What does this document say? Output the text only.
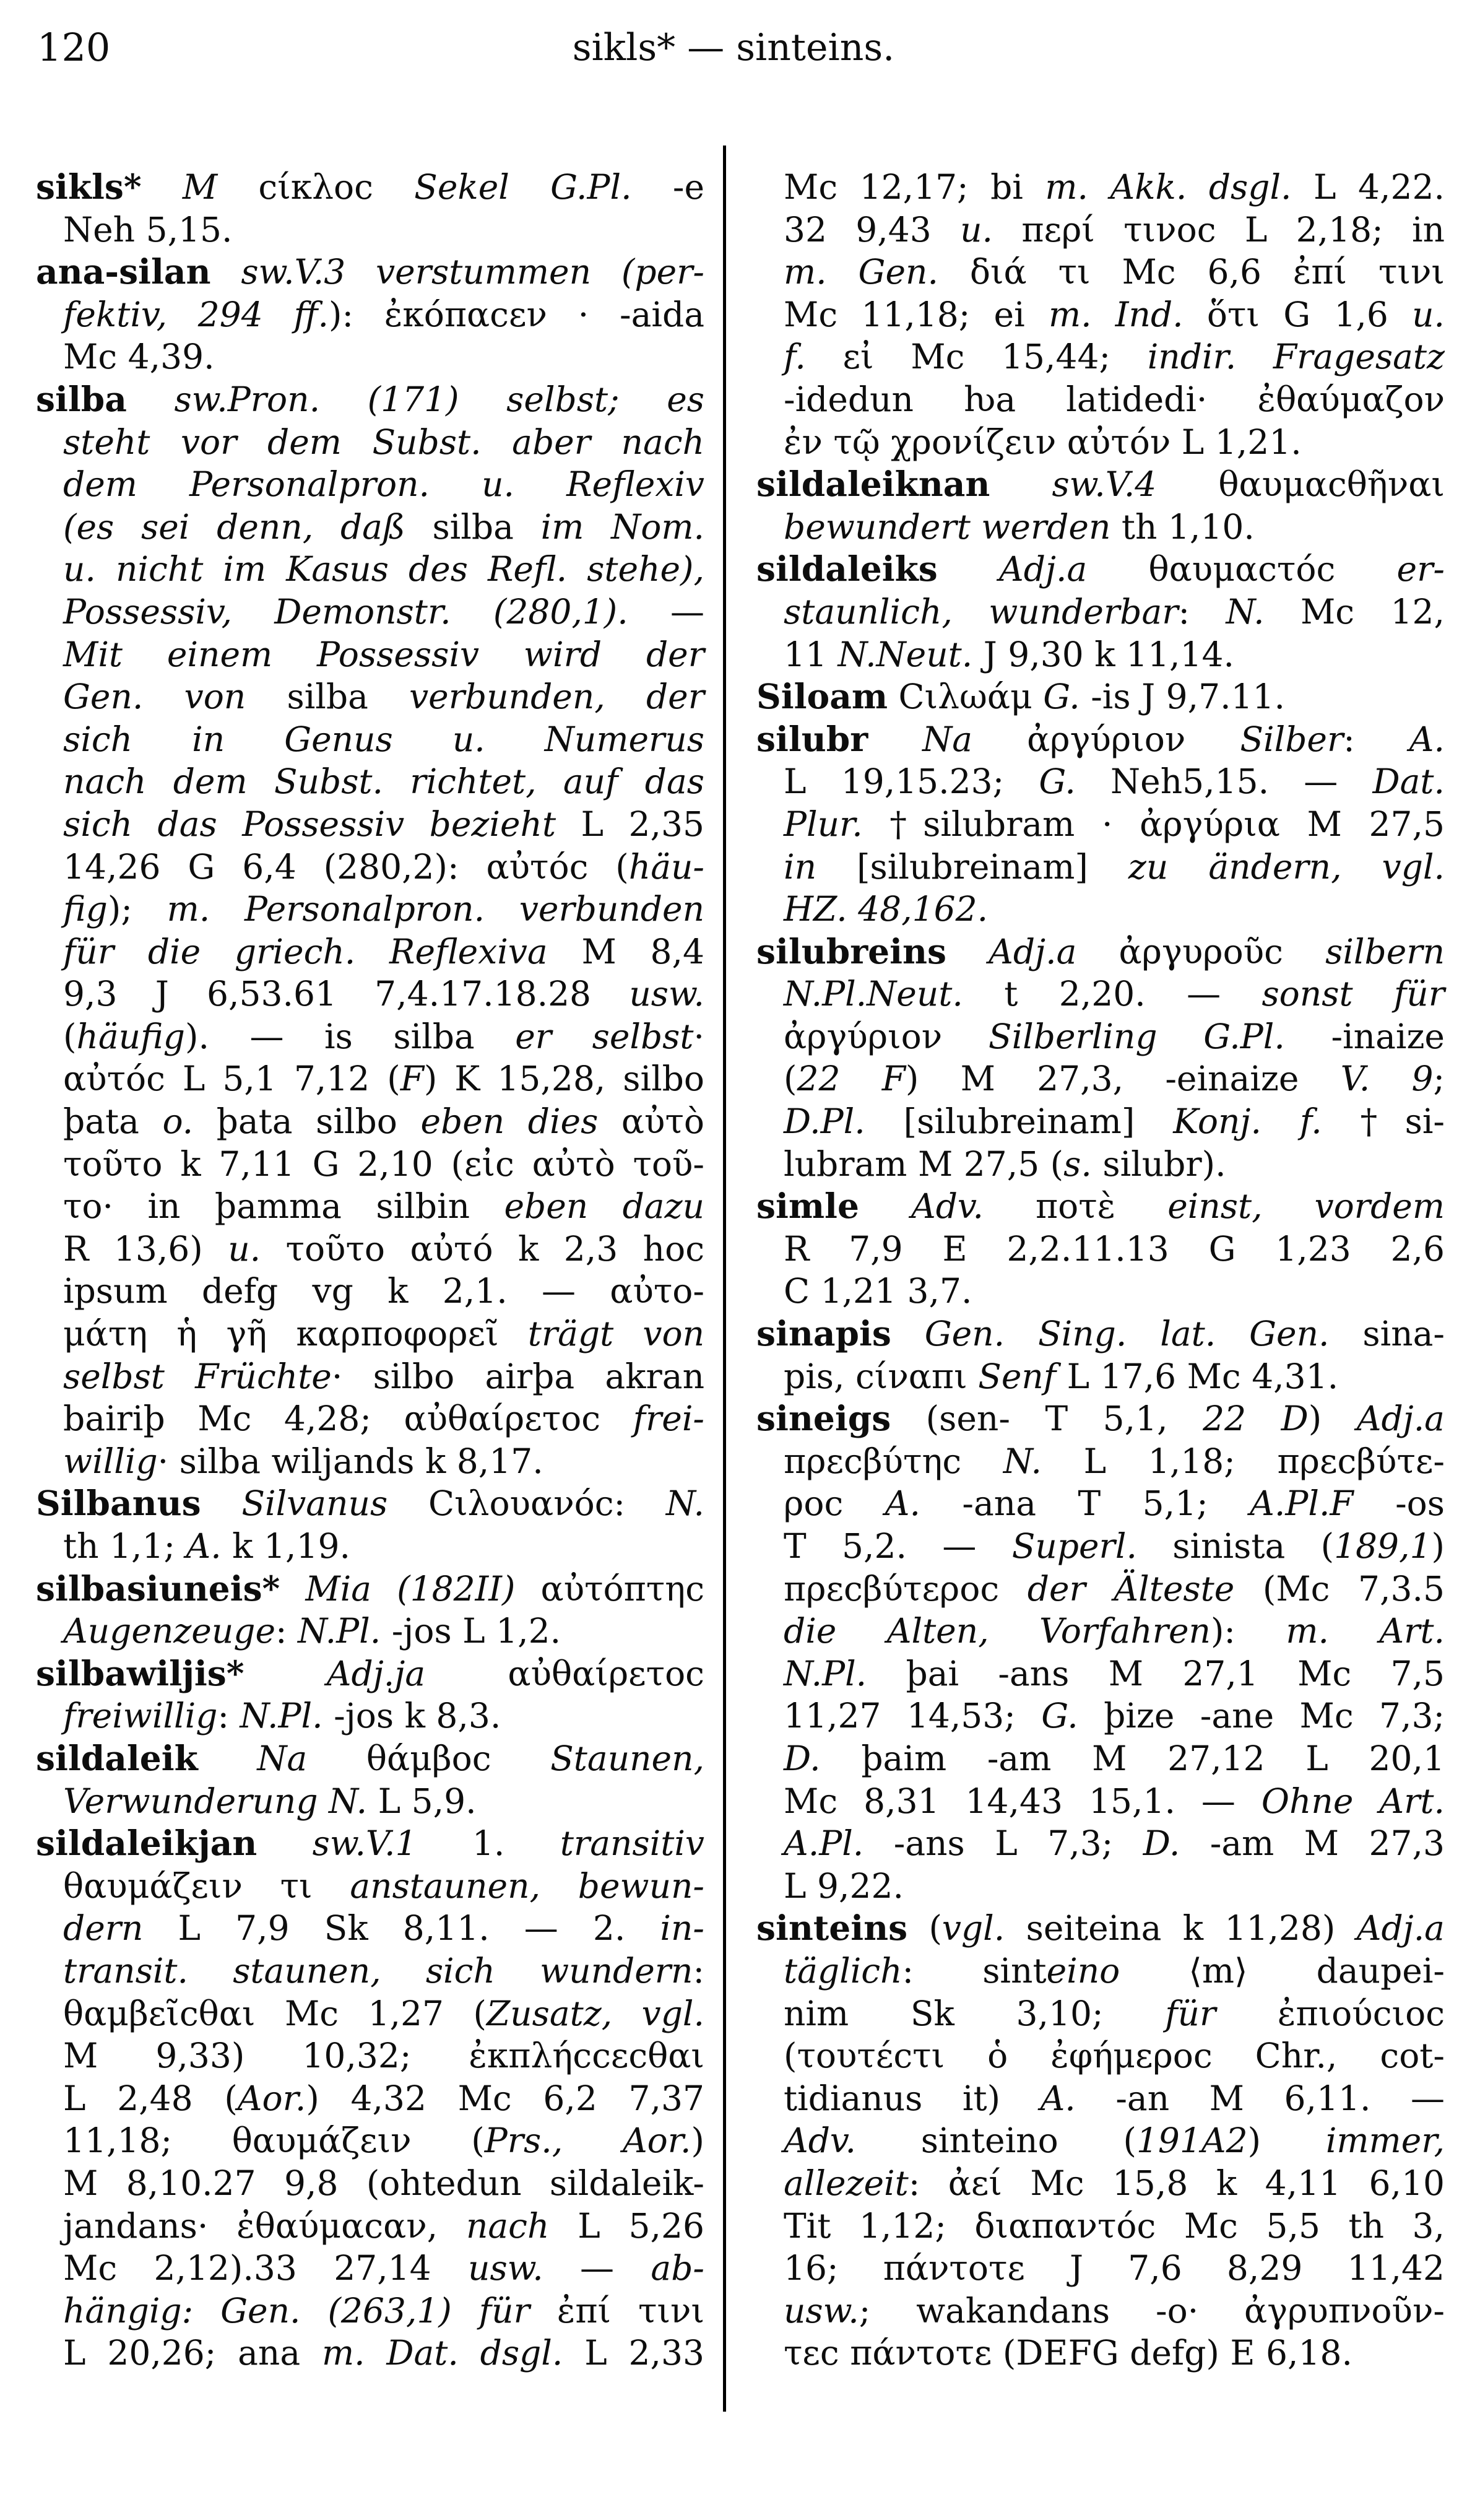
120	sikls* — sinteins.
sikls* M cίκλοc Sekel G.Pl. -e
Neh 5,15.
ana-silan sw.V.3 verstummen (per-
fektiv, 294 ff.): ἐκόπαcεν · -aida
Mc 4,39.
silba sw.Pron. (171) selbst; es
steht vor dem Subst. aber nach
dem Personalpron. u. Reflexiv
(es sei denn, daß silba im Nom.
u. nicht im Kasus des Refl. stehe),
Possessiv, Demonstr. (280,1). —
Mit einem Possessiv wird der
Gen. von silba verbunden, der
sich in Genus u. Numerus
nach dem Subst. richtet, auf das
sich das Possessiv bezieht L 2,35
14,26 G 6,4 (280,2): αὐτόc (häu-
fig); m. Personalpron. verbunden
für die griech. Reflexiva M 8,4
9,3 J 6,53.61 7,4.17.18.28 usw.
(häufig). — is silba er selbst·
αὐτόc L 5,1 7,12 (F) K 15,28, silbo
þata o. þata silbo eben dies αὐτὸ
τοῦτο k 7,11 G 2,10 (εἰc αὐτὸ τοῦ-
το· in þamma silbin eben dazu
R 13,6) u. τοῦτο αὐτό k 2,3 hoc
ipsum defg vg k 2,1. — αὐτο-
μάτη ἡ γῆ καρποφορεῖ trägt von
selbst Früchte· silbo airþa akran
bairiþ Mc 4,28; αὐθαίρετοc frei-
willig· silba wiljands k 8,17.
Silbanus Silvanus Cιλουανόc: N.
th 1,1; A. k 1,19.
silbasiuneis* Mia (182II) αὐτόπτηc
Augenzeuge: N.Pl. -jos L 1,2.
silbawiljis* Adj.ja αὐθαίρετοc
freiwillig: N.Pl. -jos k 8,3.
sildaleik Na θάμβοc Staunen,
Verwunderung N. L 5,9.
sildaleikjan sw.V.1 1. transitiv
θαυμάζειν τι anstaunen, bewun-
dern L 7,9 Sk 8,11. — 2. in-
transit. staunen, sich wundern:
θαμβεῖcθαι Mc 1,27 (Zusatz, vgl.
M 9,33) 10,32; ἐκπλήccεcθαι
L 2,48 (Aor.) 4,32 Mc 6,2 7,37
11,18; θαυμάζειν (Prs., Aor.)
M 8,10.27 9,8 (ohtedun sildaleik-
jandans· ἐθαύμαcαν, nach L 5,26
Mc 2,12).33 27,14 usw. — ab-
hängig: Gen. (263,1) für ἐπί τινι
L 20,26; ana m. Dat. dsgl. L 2,33
Mc 12,17; bi m. Akk. dsgl. L 4,22.
32 9,43 u. περί τινοc L 2,18; in
m. Gen. διά τι Mc 6,6 ἐπί τινι
Mc 11,18; ei m. Ind. ὅτι G 1,6 u.
f. εἰ Mc 15,44; indir. Fragesatz
-idedun ƕa latidedi· ἐθαύμαζον
ἐν τῷ χρονίζειν αὐτόν L 1,21.
sildaleiknan sw.V.4 θαυμαcθῆναι
bewundert werden th 1,10.
sildaleiks Adj.a θαυμαcτόc er-
staunlich, wunderbar: N. Mc 12,
11 N.Neut. J 9,30 k 11,14.
Siloam Cιλωάμ G. -is J 9,7.11.
silubr Na ἀργύριον Silber: A.
L 19,15.23; G. Neh5,15. — Dat.
Plur. †silubram · ἀργύρια M 27,5
in [silubreinam] zu ändern, vgl.
HZ. 48,162.
silubreins Adj.a ἀργυροῦc silbern
N.Pl.Neut. t 2,20. — sonst für
ἀργύριον Silberling G.Pl. -inaize
(22 F) M 27,3, -einaize V. 9;
D.Pl. [silubreinam] Konj. f. †si-
lubram M 27,5 (s. silubr).
simle Adv. ποτὲ einst, vordem
R 7,9 E 2,2.11.13 G 1,23 2,6
C 1,21 3,7.
sinapis Gen. Sing. lat. Gen. sina-
pis, cίναπι Senf L 17,6 Mc 4,31.
sineigs (sen- T 5,1, 22 D) Adj.a
πρεcβύτηc N. L 1,18; πρεcβύτε-
ροc A. -ana T 5,1; A.Pl.F -os
T 5,2. — Superl. sinista (189,1)
πρεcβύτεροc der Älteste (Mc 7,3.5
die Alten, Vorfahren): m. Art.
N.Pl. þai -ans M 27,1 Mc 7,5
11,27 14,53; G. þize -ane Mc 7,3;
D. þaim -am M 27,12 L 20,1
Mc 8,31 14,43 15,1. — Ohne Art.
A.Pl. -ans L 7,3; D. -am M 27,3
L 9,22.
sinteins (vgl. seiteina k 11,28) Adj.a
täglich: sinteino ⟨m⟩ daupei-
nim Sk 3,10; für ἐπιούcιοc
(τουτέcτι ὁ ἐφήμεροc Chr., cot-
tidianus it) A. -an M 6,11. —
Adv. sinteino (191A2) immer,
allezeit: ἀεί Mc 15,8 k 4,11 6,10
Tit 1,12; διαπαντόc Mc 5,5 th 3,
16; πάντοτε J 7,6 8,29 11,42
usw.; wakandans -o· ἀγρυπνοῦν-
τεc πάντοτε (DEFG defg) E 6,18.
